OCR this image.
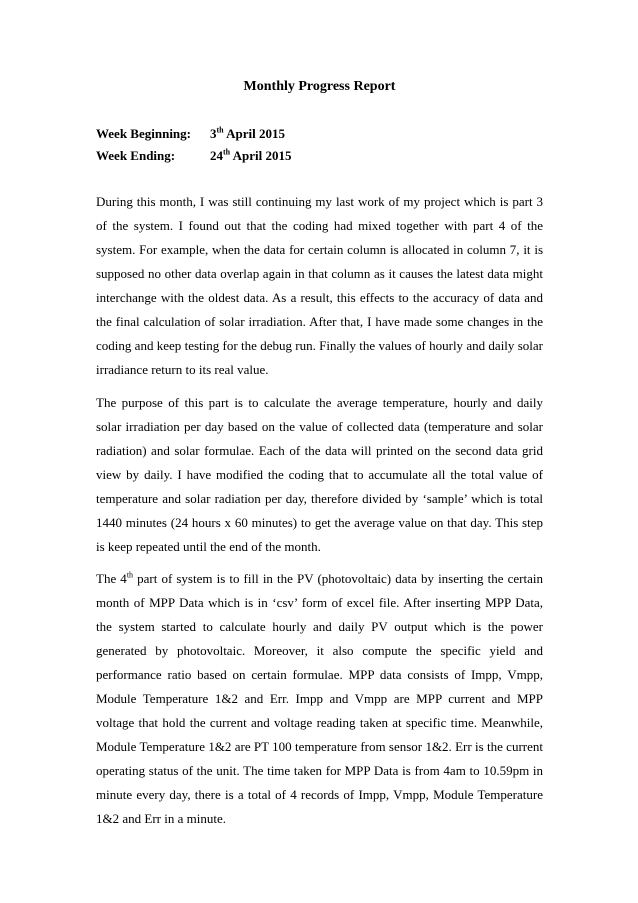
Monthly Progress Report
Week Beginning:	3th April 2015
Week Ending:	24th April 2015

During this month, I was still continuing my last work of my project which is part 3 of the system. I found out that the coding had mixed together with part 4 of the system. For example, when the data for certain column is allocated in column 7, it is supposed no other data overlap again in that column as it causes the latest data might interchange with the oldest data. As a result, this effects to the accuracy of data and the final calculation of solar irradiation. After that, I have made some changes in the coding and keep testing for the debug run. Finally the values of hourly and daily solar irradiance return to its real value.

The purpose of this part is to calculate the average temperature, hourly and daily solar irradiation per day based on the value of collected data (temperature and solar radiation) and solar formulae. Each of the data will printed on the second data grid view by daily. I have modified the coding that to accumulate all the total value of temperature and solar radiation per day, therefore divided by ‘sample’ which is total 1440 minutes (24 hours x 60 minutes) to get the average value on that day. This step is keep repeated until the end of the month.

The 4th part of system is to fill in the PV (photovoltaic) data by inserting the certain month of MPP Data which is in ‘csv’ form of excel file. After inserting MPP Data, the system started to calculate hourly and daily PV output which is the power generated by photovoltaic. Moreover, it also compute the specific yield and performance ratio based on certain formulae. MPP data consists of Impp, Vmpp, Module Temperature 1&2 and Err. Impp and Vmpp are MPP current and MPP voltage that hold the current and voltage reading taken at specific time. Meanwhile, Module Temperature 1&2 are PT 100 temperature from sensor 1&2. Err is the current operating status of the unit. The time taken for MPP Data is from 4am to 10.59pm in minute every day, there is a total of 4 records of Impp, Vmpp, Module Temperature 1&2 and Err in a minute.
